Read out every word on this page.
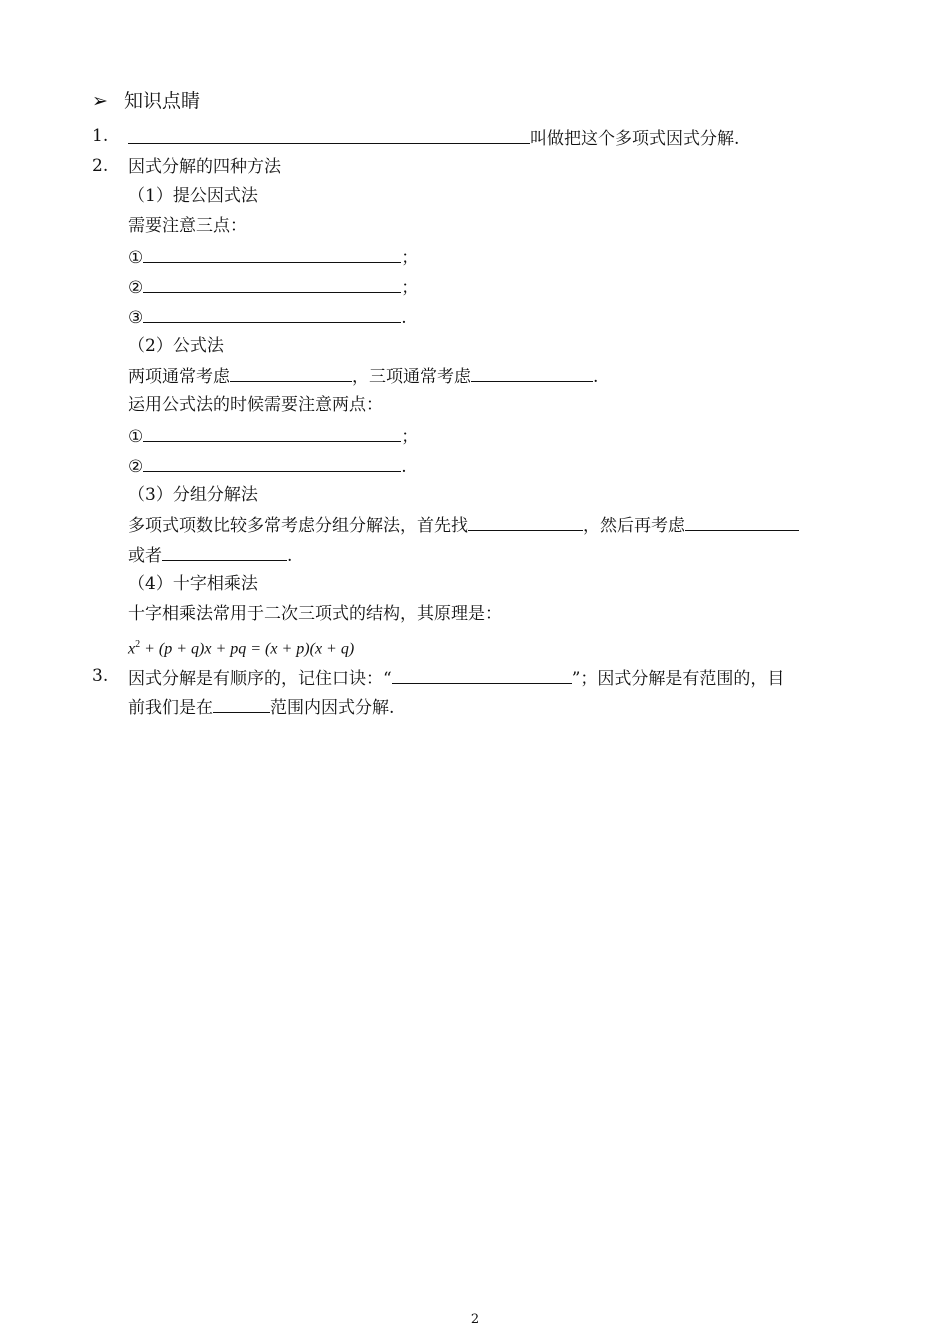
➢ 知识点睛
1.	叫做把这个多项式因式分解.
2. 因式分解的四种方法
（1）提公因式法
需要注意三点：
①	；
②	；
③	.
（2）公式法
两项通常考虑	，三项通常考虑	.
运用公式法的时候需要注意两点：
①	；
②	.
（3）分组分解法
多项式项数比较多常考虑分组分解法，首先找	，然后再考虑
或者	.
（4）十字相乘法
十字相乘法常用于二次三项式的结构，其原理是：
$x^2 + (p + q)x$ + pq = (x + p)(x + q)
3. 因式分解是有顺序的，记住口诀：“	”；因式分解是有范围的，目
前我们是在	范围内因式分解.
2
